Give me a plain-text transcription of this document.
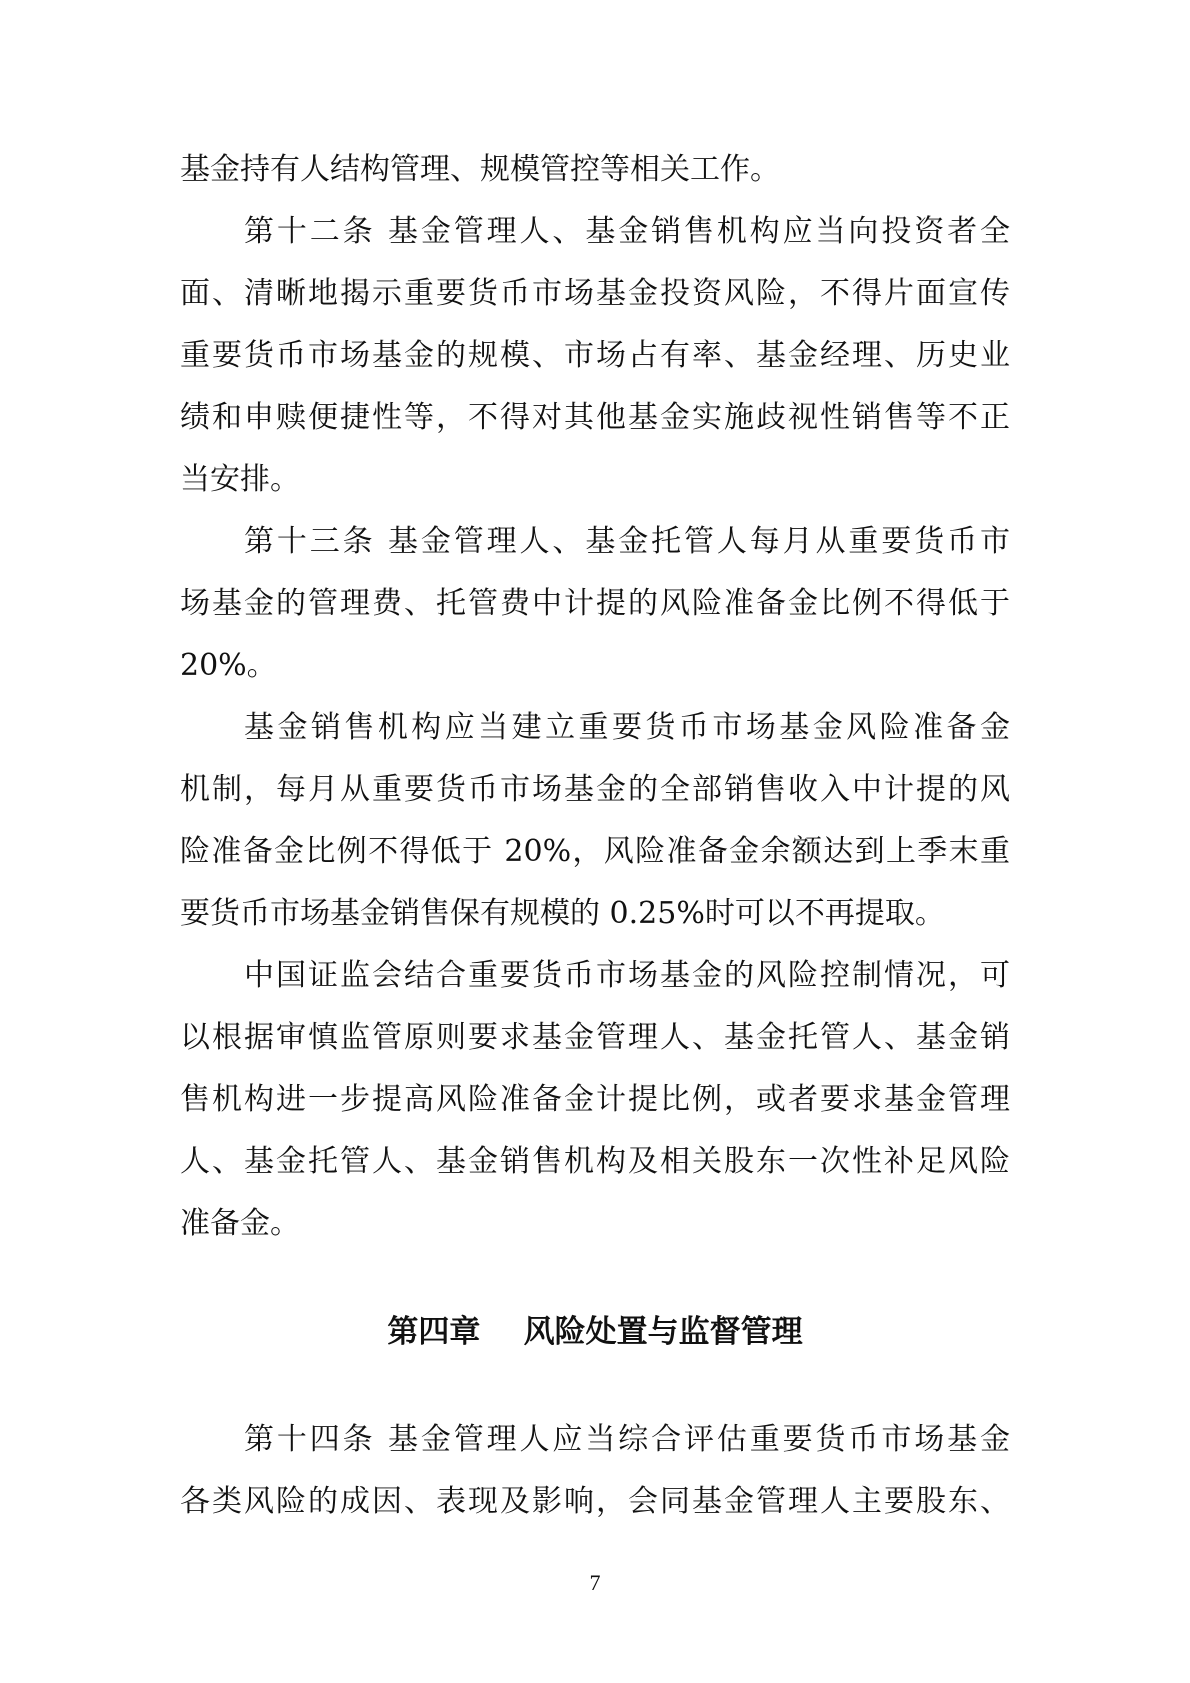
基金持有人结构管理、规模管控等相关工作。
第十二条 基金管理人、基金销售机构应当向投资者全
面、清晰地揭示重要货币市场基金投资风险，不得片面宣传
重要货币市场基金的规模、市场占有率、基金经理、历史业
绩和申赎便捷性等，不得对其他基金实施歧视性销售等不正
当安排。
第十三条 基金管理人、基金托管人每月从重要货币市
场基金的管理费、托管费中计提的风险准备金比例不得低于
20%。
基金销售机构应当建立重要货币市场基金风险准备金
机制，每月从重要货币市场基金的全部销售收入中计提的风
险准备金比例不得低于 20%，风险准备金余额达到上季末重
要货币市场基金销售保有规模的 0.25%时可以不再提取。
中国证监会结合重要货币市场基金的风险控制情况，可
以根据审慎监管原则要求基金管理人、基金托管人、基金销
售机构进一步提高风险准备金计提比例，或者要求基金管理
人、基金托管人、基金销售机构及相关股东一次性补足风险
准备金。
第四章    风险处置与监督管理
第十四条 基金管理人应当综合评估重要货币市场基金
各类风险的成因、表现及影响，会同基金管理人主要股东、
7
